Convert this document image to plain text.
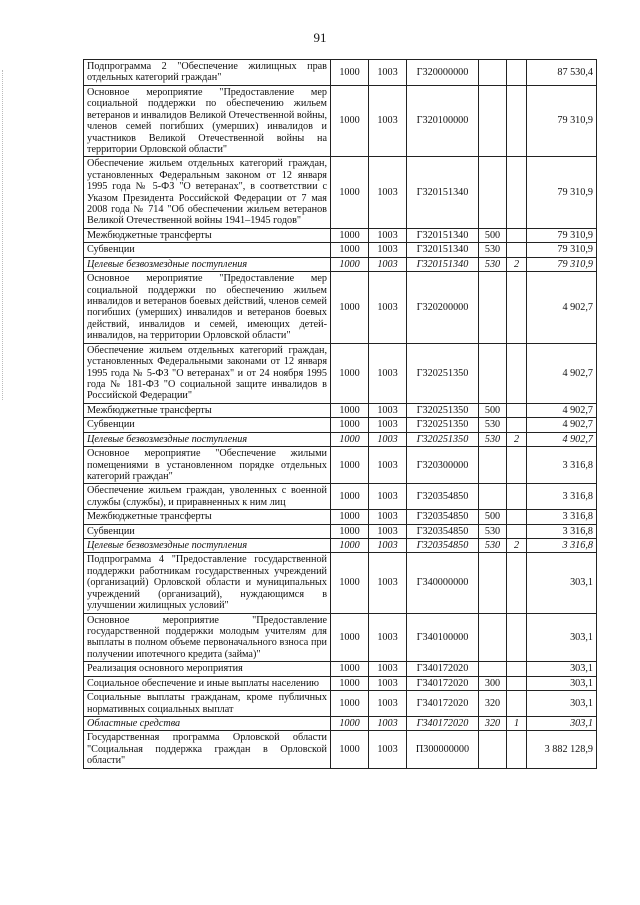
91
Подпрограмма 2 "Обеспечение жилищных прав отдельных категорий граждан"	1000	1003	Г320000000			87 530,4
Основное мероприятие "Предоставление мер социальной поддержки по обеспечению жильем ветеранов и инвалидов Великой Отечественной войны, членов семей погибших (умерших) инвалидов и участников Великой Отечественной войны на территории Орловской области"	1000	1003	Г320100000			79 310,9
Обеспечение жильем отдельных категорий граждан, установленных Федеральным законом от 12 января 1995 года № 5-ФЗ "О ветеранах", в соответствии с Указом Президента Российской Федерации от 7 мая 2008 года № 714 "Об обеспечении жильем ветеранов Великой Отечественной войны 1941–1945 годов"	1000	1003	Г320151340			79 310,9
Межбюджетные трансферты	1000	1003	Г320151340	500		79 310,9
Субвенции	1000	1003	Г320151340	530		79 310,9
Целевые безвозмездные поступления	1000	1003	Г320151340	530	2	79 310,9
Основное мероприятие "Предоставление мер социальной поддержки по обеспечению жильем инвалидов и ветеранов боевых действий, членов семей погибших (умерших) инвалидов и ветеранов боевых действий, инвалидов и семей, имеющих детей-инвалидов, на территории Орловской области"	1000	1003	Г320200000			4 902,7
Обеспечение жильем отдельных категорий граждан, установленных Федеральными законами от 12 января 1995 года № 5-ФЗ "О ветеранах" и от 24 ноября 1995 года № 181-ФЗ "О социальной защите инвалидов в Российской Федерации"	1000	1003	Г320251350			4 902,7
Межбюджетные трансферты	1000	1003	Г320251350	500		4 902,7
Субвенции	1000	1003	Г320251350	530		4 902,7
Целевые безвозмездные поступления	1000	1003	Г320251350	530	2	4 902,7
Основное мероприятие "Обеспечение жилыми помещениями в установленном порядке отдельных категорий граждан"	1000	1003	Г320300000			3 316,8
Обеспечение жильем граждан, уволенных с военной службы (службы), и приравненных к ним лиц	1000	1003	Г320354850			3 316,8
Межбюджетные трансферты	1000	1003	Г320354850	500		3 316,8
Субвенции	1000	1003	Г320354850	530		3 316,8
Целевые безвозмездные поступления	1000	1003	Г320354850	530	2	3 316,8
Подпрограмма 4 "Предоставление государственной поддержки работникам государственных учреждений (организаций) Орловской области и муниципальных учреждений (организаций), нуждающимся в улучшении жилищных условий"	1000	1003	Г340000000			303,1
Основное мероприятие "Предоставление государственной поддержки молодым учителям для выплаты в полном объеме первоначального взноса при получении ипотечного кредита (займа)"	1000	1003	Г340100000			303,1
Реализация основного мероприятия	1000	1003	Г340172020			303,1
Социальное обеспечение и иные выплаты населению	1000	1003	Г340172020	300		303,1
Социальные выплаты гражданам, кроме публичных нормативных социальных выплат	1000	1003	Г340172020	320		303,1
Областные средства	1000	1003	Г340172020	320	1	303,1
Государственная программа Орловской области "Социальная поддержка граждан в Орловской области"	1000	1003	П300000000			3 882 128,9
